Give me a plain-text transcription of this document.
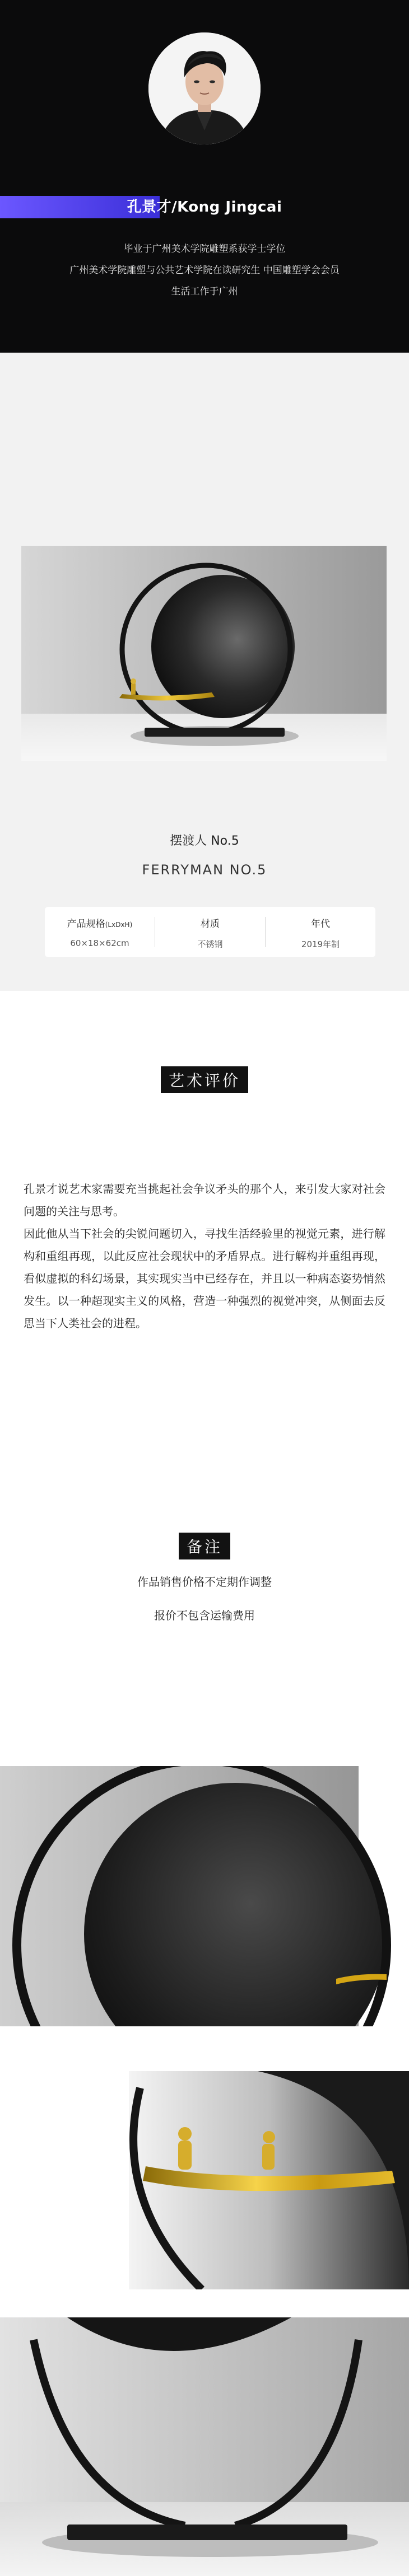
孔景才/Kong Jingcai
毕业于广州美术学院雕塑系获学士学位
广州美术学院雕塑与公共艺术学院在读研究生 中国雕塑学会会员
生活工作于广州
摆渡人 No.5
FERRYMAN NO.5
产品规格(LxDxH)
60×18×62cm
材质
不锈钢
年代
2019年制
艺术评价
孔景才说艺术家需要充当挑起社会争议矛头的那个人，来引发大家对社会问题的关注与思考。
因此他从当下社会的尖锐问题切入，寻找生活经验里的视觉元素，进行解构和重组再现，以此反应社会现状中的矛盾界点。进行解构并重组再现，看似虚拟的科幻场景，其实现实当中已经存在，并且以一种病态姿势悄然发生。以一种超现实主义的风格，营造一种强烈的视觉冲突，从侧面去反思当下人类社会的进程。
备注
作品销售价格不定期作调整
报价不包含运输费用
